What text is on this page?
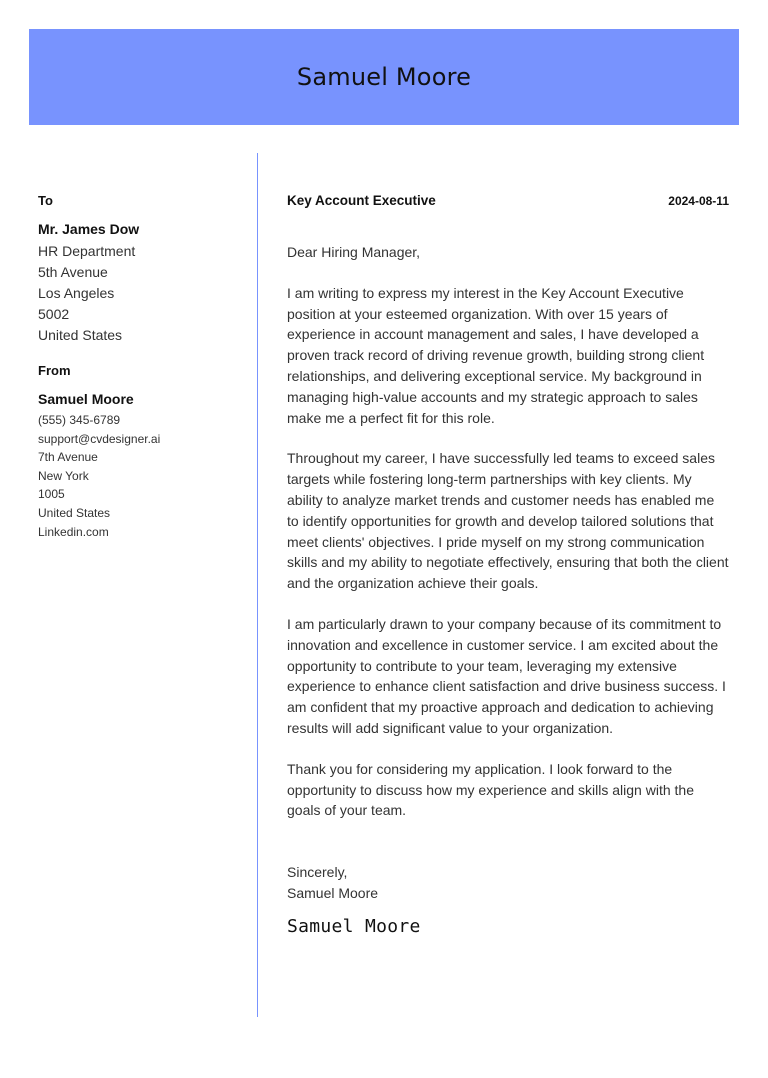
Samuel Moore
To
Mr. James Dow
HR Department
5th Avenue
Los Angeles
5002
United States
From
Samuel Moore
(555) 345-6789
support@cvdesigner.ai
7th Avenue
New York
1005
United States
Linkedin.com
Key Account Executive	2024-08-11
Dear Hiring Manager,
I am writing to express my interest in the Key Account Executive position at your esteemed organization. With over 15 years of experience in account management and sales, I have developed a proven track record of driving revenue growth, building strong client relationships, and delivering exceptional service. My background in managing high-value accounts and my strategic approach to sales make me a perfect fit for this role.
Throughout my career, I have successfully led teams to exceed sales targets while fostering long-term partnerships with key clients. My ability to analyze market trends and customer needs has enabled me to identify opportunities for growth and develop tailored solutions that meet clients' objectives. I pride myself on my strong communication skills and my ability to negotiate effectively, ensuring that both the client and the organization achieve their goals.
I am particularly drawn to your company because of its commitment to innovation and excellence in customer service. I am excited about the opportunity to contribute to your team, leveraging my extensive experience to enhance client satisfaction and drive business success. I am confident that my proactive approach and dedication to achieving results will add significant value to your organization.
Thank you for considering my application. I look forward to the opportunity to discuss how my experience and skills align with the goals of your team.
Sincerely,
Samuel Moore
Samuel Moore
